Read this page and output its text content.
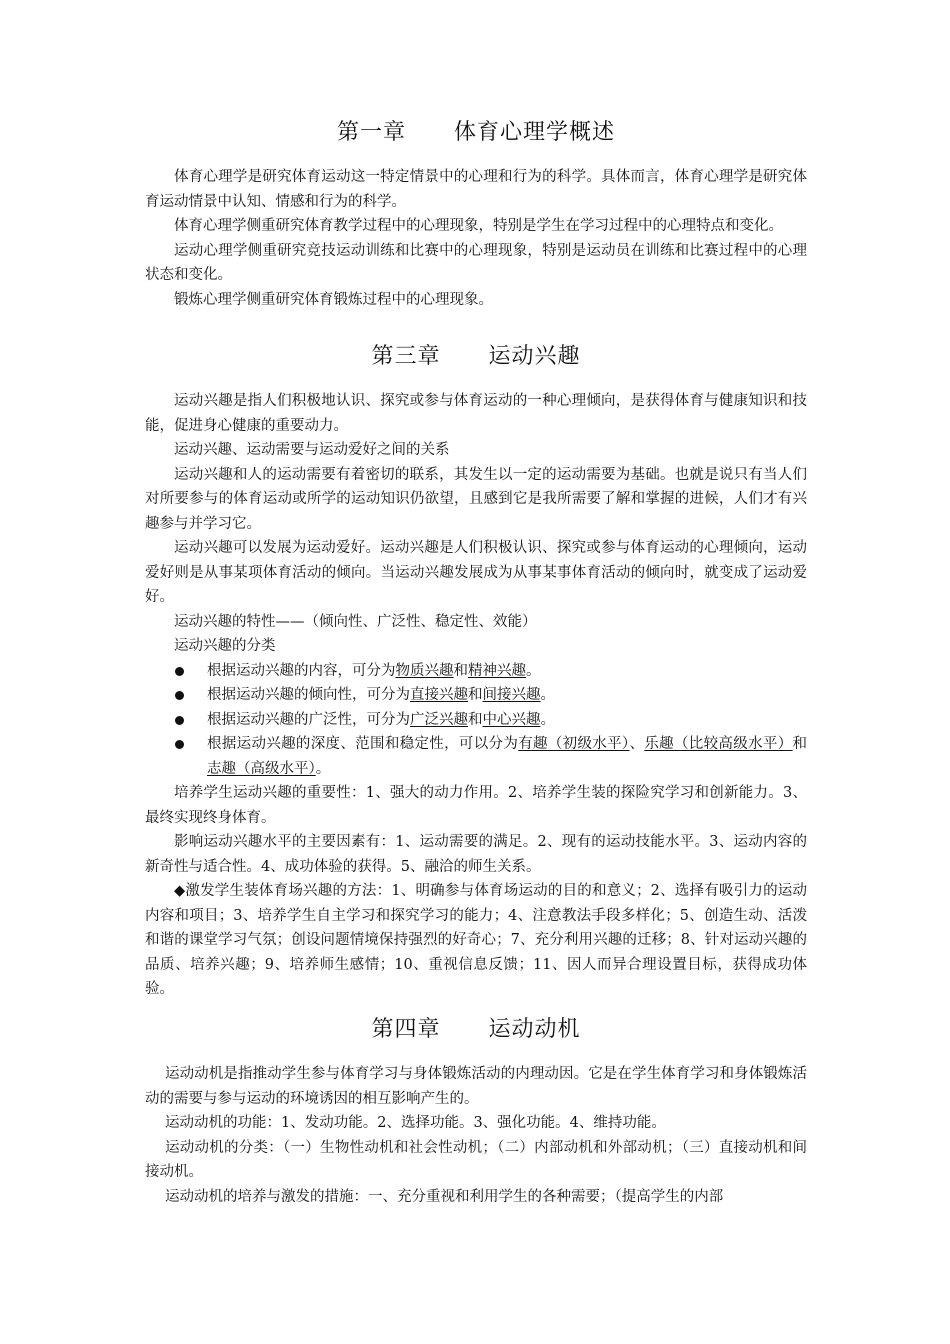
第一章 体育心理学概述

体育心理学是研究体育运动这一特定情景中的心理和行为的科学。具体而言，体育心理学是研究体育运动情景中认知、情感和行为的科学。

体育心理学侧重研究体育教学过程中的心理现象，特别是学生在学习过程中的心理特点和变化。

运动心理学侧重研究竞技运动训练和比赛中的心理现象，特别是运动员在训练和比赛过程中的心理状态和变化。

锻炼心理学侧重研究体育锻炼过程中的心理现象。

第三章 运动兴趣

运动兴趣是指人们积极地认识、探究或参与体育运动的一种心理倾向，是获得体育与健康知识和技能，促进身心健康的重要动力。

运动兴趣、运动需要与运动爱好之间的关系

运动兴趣和人的运动需要有着密切的联系，其发生以一定的运动需要为基础。也就是说只有当人们对所要参与的体育运动或所学的运动知识仍欲望，且感到它是我所需要了解和掌握的进候，人们才有兴趣参与并学习它。

运动兴趣可以发展为运动爱好。运动兴趣是人们积极认识、探究或参与体育运动的心理倾向，运动爱好则是从事某项体育活动的倾向。当运动兴趣发展成为从事某事体育活动的倾向时，就变成了运动爱好。

运动兴趣的特性——（倾向性、广泛性、稳定性、效能）

运动兴趣的分类

根据运动兴趣的内容，可分为物质兴趣和精神兴趣。
根据运动兴趣的倾向性，可分为直接兴趣和间接兴趣。
根据运动兴趣的广泛性，可分为广泛兴趣和中心兴趣。
根据运动兴趣的深度、范围和稳定性，可以分为有趣（初级水平）、乐趣（比较高级水平）和志趣（高级水平）。

培养学生运动兴趣的重要性：1、强大的动力作用。2、培养学生装的探险究学习和创新能力。3、最终实现终身体育。

影响运动兴趣水平的主要因素有：1、运动需要的满足。2、现有的运动技能水平。3、运动内容的新奇性与适合性。4、成功体验的获得。5、融洽的师生关系。

◆激发学生装体育场兴趣的方法：1、明确参与体育场运动的目的和意义；2、选择有吸引力的运动内容和项目；3、培养学生自主学习和探究学习的能力；4、注意教法手段多样化；5、创造生动、活泼和谐的课堂学习气氛；创设问题情境保持强烈的好奇心；7、充分利用兴趣的迁移；8、针对运动兴趣的品质、培养兴趣；9、培养师生感情；10、重视信息反馈；11、因人而异合理设置目标，获得成功体验。

第四章 运动动机

运动动机是指推动学生参与体育学习与身体锻炼活动的内理动因。它是在学生体育学习和身体锻炼活动的需要与参与运动的环境诱因的相互影响产生的。

运动动机的功能：1、发动功能。2、选择功能。3、强化功能。4、维持功能。

运动动机的分类：（一）生物性动机和社会性动机；（二）内部动机和外部动机；（三）直接动机和间接动机。

运动动机的培养与激发的措施：一、充分重视和利用学生的各种需要；（提高学生的内部
